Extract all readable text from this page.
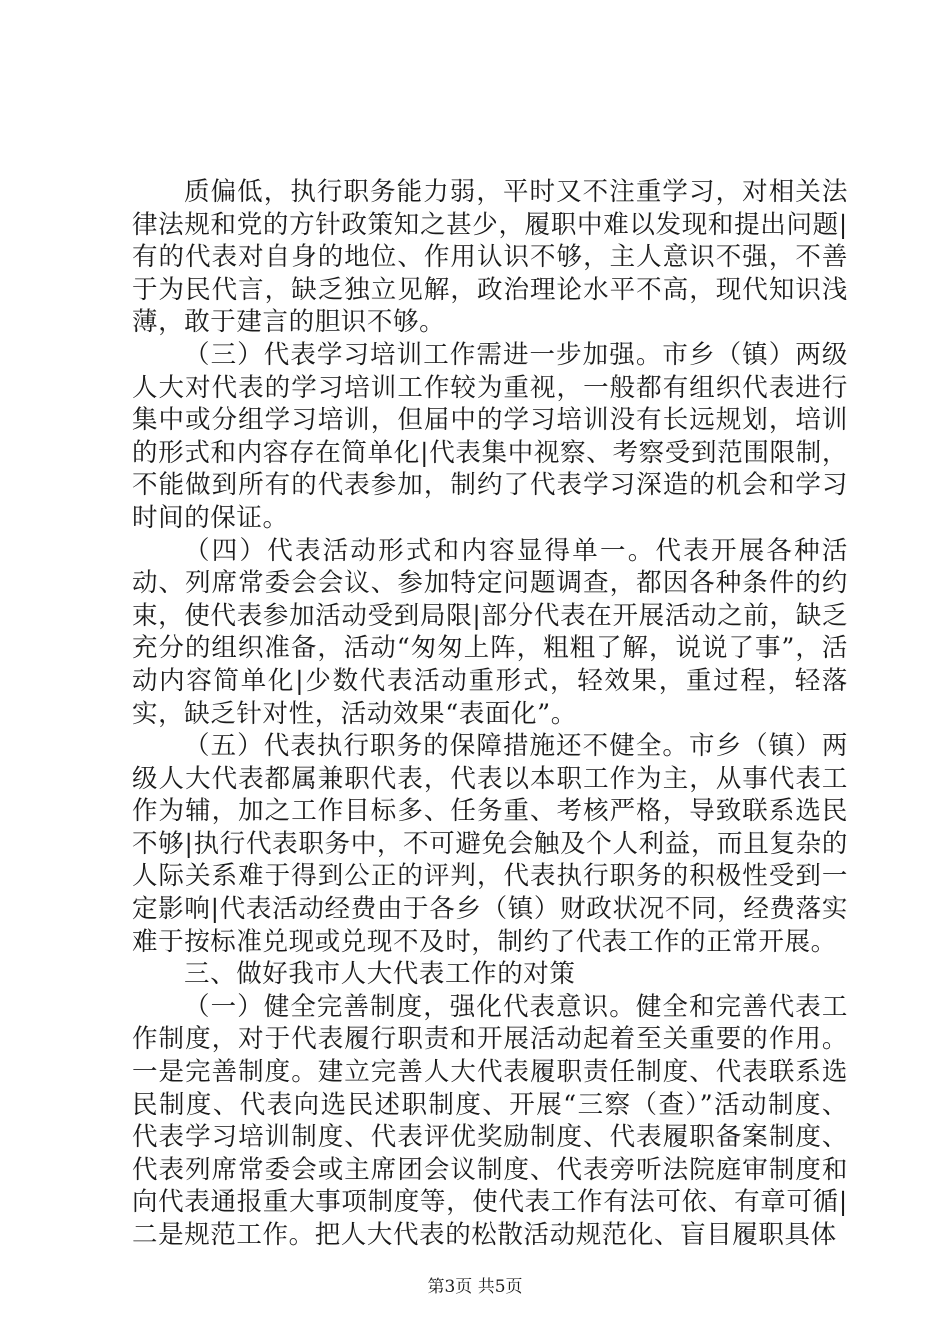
质偏低，执行职务能力弱，平时又不注重学习，对相关法律法规和党的方针政策知之甚少，履职中难以发现和提出问题|有的代表对自身的地位、作用认识不够，主人意识不强，不善于为民代言，缺乏独立见解，政治理论水平不高，现代知识浅薄，敢于建言的胆识不够。

（三）代表学习培训工作需进一步加强。市乡（镇）两级人大对代表的学习培训工作较为重视，一般都有组织代表进行集中或分组学习培训，但届中的学习培训没有长远规划，培训的形式和内容存在简单化|代表集中视察、考察受到范围限制，不能做到所有的代表参加，制约了代表学习深造的机会和学习时间的保证。

（四）代表活动形式和内容显得单一。代表开展各种活动、列席常委会会议、参加特定问题调查，都因各种条件的约束，使代表参加活动受到局限|部分代表在开展活动之前，缺乏充分的组织准备，活动“匆匆上阵，粗粗了解，说说了事”，活动内容简单化|少数代表活动重形式，轻效果，重过程，轻落实，缺乏针对性，活动效果“表面化”。

（五）代表执行职务的保障措施还不健全。市乡（镇）两级人大代表都属兼职代表，代表以本职工作为主，从事代表工作为辅，加之工作目标多、任务重、考核严格，导致联系选民不够|执行代表职务中，不可避免会触及个人利益，而且复杂的人际关系难于得到公正的评判，代表执行职务的积极性受到一定影响|代表活动经费由于各乡（镇）财政状况不同，经费落实难于按标准兑现或兑现不及时，制约了代表工作的正常开展。

三、做好我市人大代表工作的对策

（一）健全完善制度，强化代表意识。健全和完善代表工作制度，对于代表履行职责和开展活动起着至关重要的作用。一是完善制度。建立完善人大代表履职责任制度、代表联系选民制度、代表向选民述职制度、开展“三察（查）”活动制度、代表学习培训制度、代表评优奖励制度、代表履职备案制度、代表列席常委会或主席团会议制度、代表旁听法院庭审制度和向代表通报重大事项制度等，使代表工作有法可依、有章可循|二是规范工作。把人大代表的松散活动规范化、盲目履职具体

第3页 共5页
